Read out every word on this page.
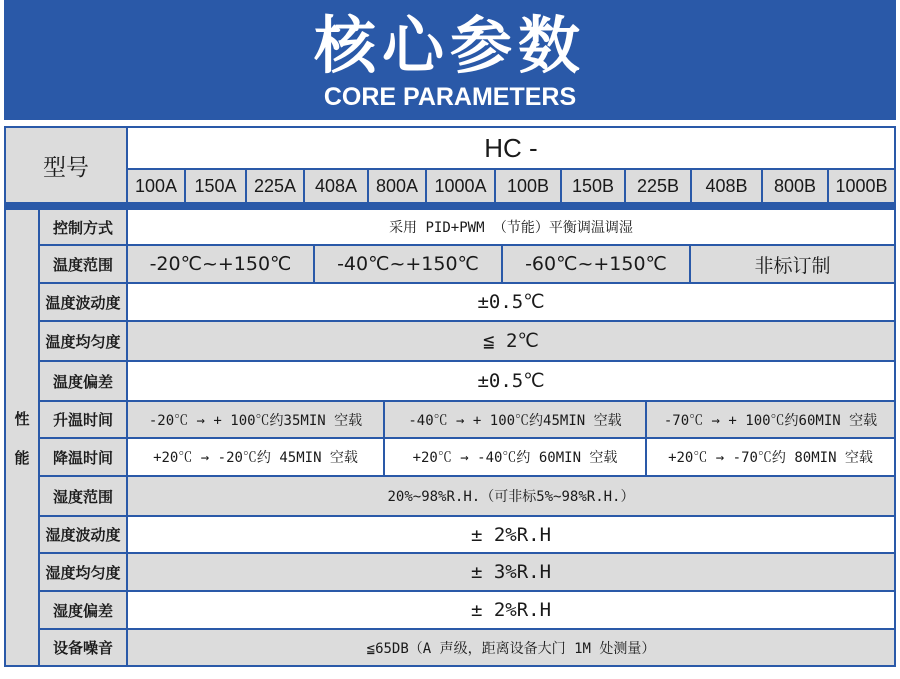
核心参数
CORE PARAMETERS
型号
HC -
100A 150A 225A	408A	800A 1000A	100B	150B	225B	408B	800B	1000B
性
能
控制方式	采用 PID+PWM （节能）平衡调温调湿
温度范围	-20℃~+150℃	-40℃~+150℃	-60℃~+150℃	非标订制
温度波动度	±0.5℃
温度均匀度	≦ 2℃
温度偏差	±0.5℃
升温时间	-20℃ → + 100℃约35MIN 空载	-40℃ → + 100℃约45MIN 空载	-70℃ → + 100℃约60MIN 空载
降温时间	+20℃ → -20℃约 45MIN 空载	+20℃ → -40℃约 60MIN 空载	+20℃ → -70℃约 80MIN 空载
湿度范围	20%~98%R.H.（可非标5%~98%R.H.）
湿度波动度	± 2%R.H
湿度均匀度	± 3%R.H
湿度偏差	± 2%R.H
设备噪音	≦65DB（A 声级，距离设备大门 1M 处测量）
